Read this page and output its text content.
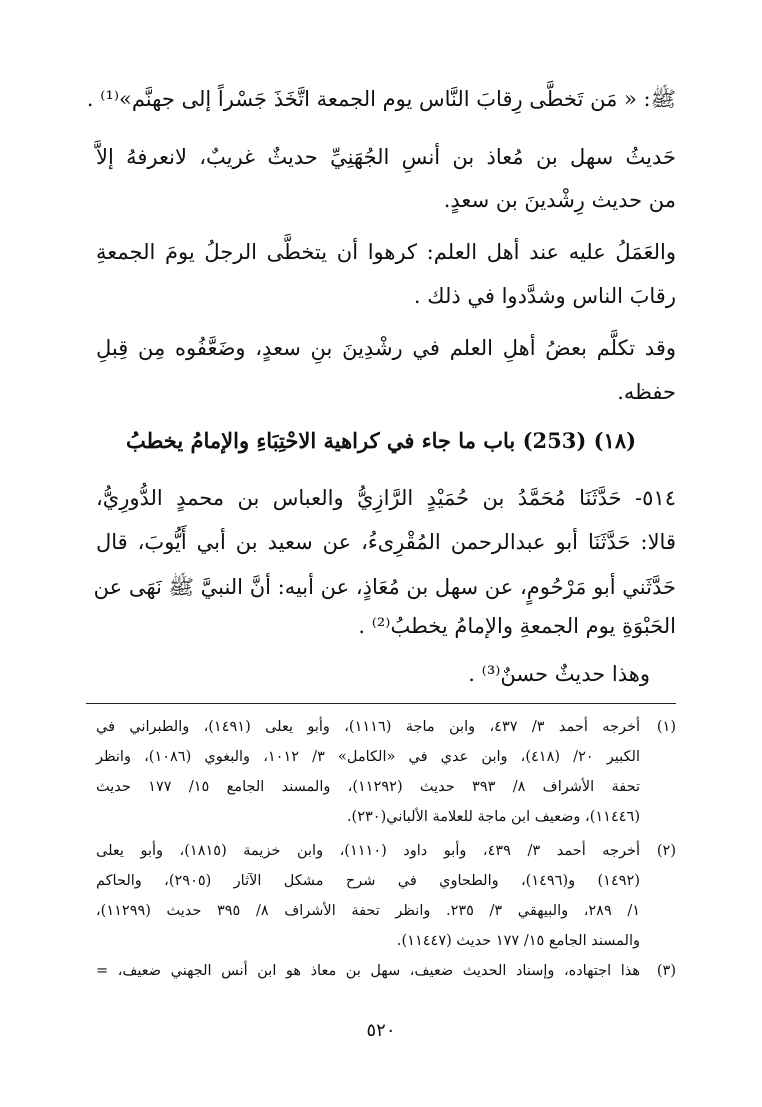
ﷺ: « مَن تَخطَّى رِقابَ النَّاس يوم الجمعة اتَّخَذَ جَسْراً إلى جهنَّم»⁽¹⁾ .
حَديثُ سهل بن مُعاذ بن أنسِ الجُهَنِيِّ حديثٌ غريبٌ، لانعرفهُ إلاَّ
من حديث رِشْدينَ بن سعدٍ.
والعَمَلُ عليه عند أهل العلم: كرهوا أن يتخطَّى الرجلُ يومَ الجمعةِ
رقابَ الناس وشدَّدوا في ذلك .
وقد تكلَّم بعضُ أهلِ العلم في رشْدِينَ بنِ سعدٍ، وضَعَّفُوه مِن قِبلِ
حفظه.
(١٨) (253) باب ما جاء في كراهية الاحْتِبَاءِ والإمامُ يخطبُ
٥١٤- حَدَّثَنَا مُحَمَّدُ بن حُمَيْدٍ الرَّازِيُّ والعباس بن محمدٍ الدُّورِيُّ،
قالا: حَدَّثَنَا أبو عبدالرحمن المُقْرِىءُ، عن سعيد بن أبي أَيُّوبَ، قال
حَدَّثَني أبو مَرْحُومٍ، عن سهل بن مُعَاذٍ، عن أبيه: أنَّ النبيَّ ﷺ نَهَى عن
الحَبْوَةِ يوم الجمعةِ والإمامُ يخطبُ⁽²⁾ .
وهذا حديثٌ حسنٌ⁽³⁾ .
(١)
أخرجه أحمد ٣/ ٤٣٧، وابن ماجة (١١١٦)، وأبو يعلى (١٤٩١)، والطبراني في
الكبير ٢٠/ (٤١٨)، وابن عدي في «الكامل» ٣/ ١٠١٢، والبغوي (١٠٨٦)، وانظر
تحفة الأشراف ٨/ ٣٩٣ حديث (١١٢٩٢)، والمسند الجامع ١٥/ ١٧٧ حديث
(١١٤٤٦)، وضعيف ابن ماجة للعلامة الألباني(٢٣٠).
(٢)
أخرجه أحمد ٣/ ٤٣٩، وأبو داود (١١١٠)، وابن خزيمة (١٨١٥)، وأبو يعلى
(١٤٩٢) و(١٤٩٦)، والطحاوي في شرح مشكل الآثار (٢٩٠٥)، والحاكم
١/ ٢٨٩، والبيهقي ٣/ ٢٣٥. وانظر تحفة الأشراف ٨/ ٣٩٥ حديث (١١٢٩٩)،
والمسند الجامع ١٥/ ١٧٧ حديث (١١٤٤٧).
(٣)
هذا اجتهاده، وإسناد الحديث ضعيف، سهل بن معاذ هو ابن أنس الجهني ضعيف، =
٥٢٠
